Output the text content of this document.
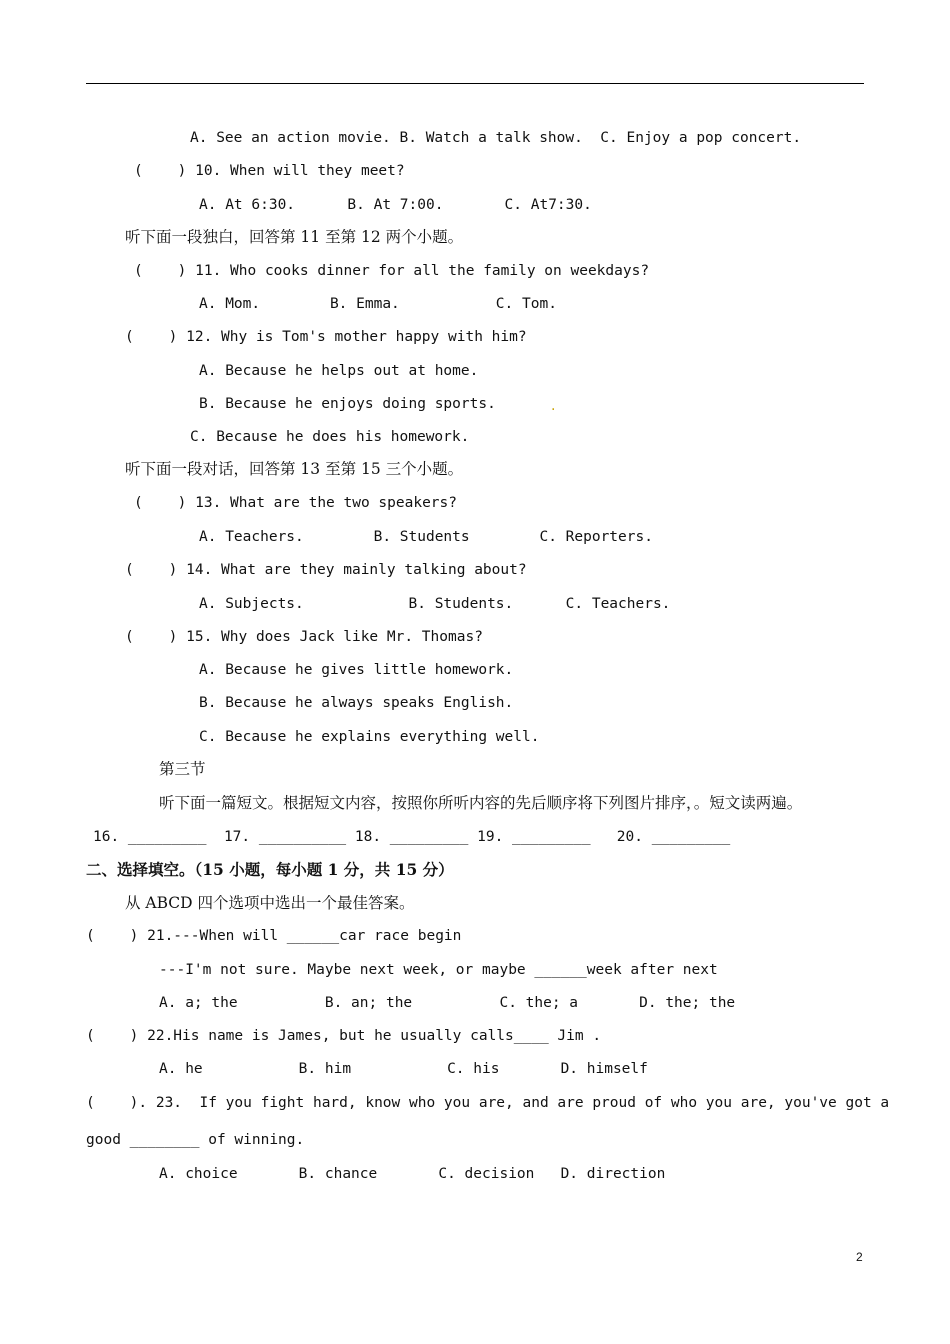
A. See an action movie. B. Watch a talk show.  C. Enjoy a pop concert.
(    ) 10. When will they meet?
A. At 6:30.      B. At 7:00.       C. At7:30.
听下面一段独白，回答第 11 至第 12 两个小题。
(    ) 11. Who cooks dinner for all the family on weekdays?
A. Mom.        B. Emma.           C. Tom.
(    ) 12. Why is Tom's mother happy with him?
A. Because he helps out at home.
B. Because he enjoys doing sports.	.
C. Because he does his homework.
听下面一段对话，回答第 13 至第 15 三个小题。
(    ) 13. What are the two speakers?
A. Teachers.        B. Students        C. Reporters.
(    ) 14. What are they mainly talking about?
A. Subjects.            B. Students.      C. Teachers.
(    ) 15. Why does Jack like Mr. Thomas?
A. Because he gives little homework.
B. Because he always speaks English.
C. Because he explains everything well.
第三节
听下面一篇短文。根据短文内容，按照你所听内容的先后顺序将下列图片排序，。短文读两遍。
16. _________  17. __________ 18. _________ 19. _________   20. _________
二、选择填空。（15 小题，每小题 1 分，共 15 分）
从 ABCD 四个选项中选出一个最佳答案。
(    ) 21.---When will ______car race begin
---I'm not sure. Maybe next week, or maybe ______week after next
A. a; the          B. an; the          C. the; a       D. the; the
(    ) 22.His name is James, but he usually calls____ Jim .
A. he           B. him           C. his       D. himself
(    ). 23.  If you fight hard, know who you are, and are proud of who you are, you've got a
good ________ of winning.
A. choice       B. chance       C. decision   D. direction
2
